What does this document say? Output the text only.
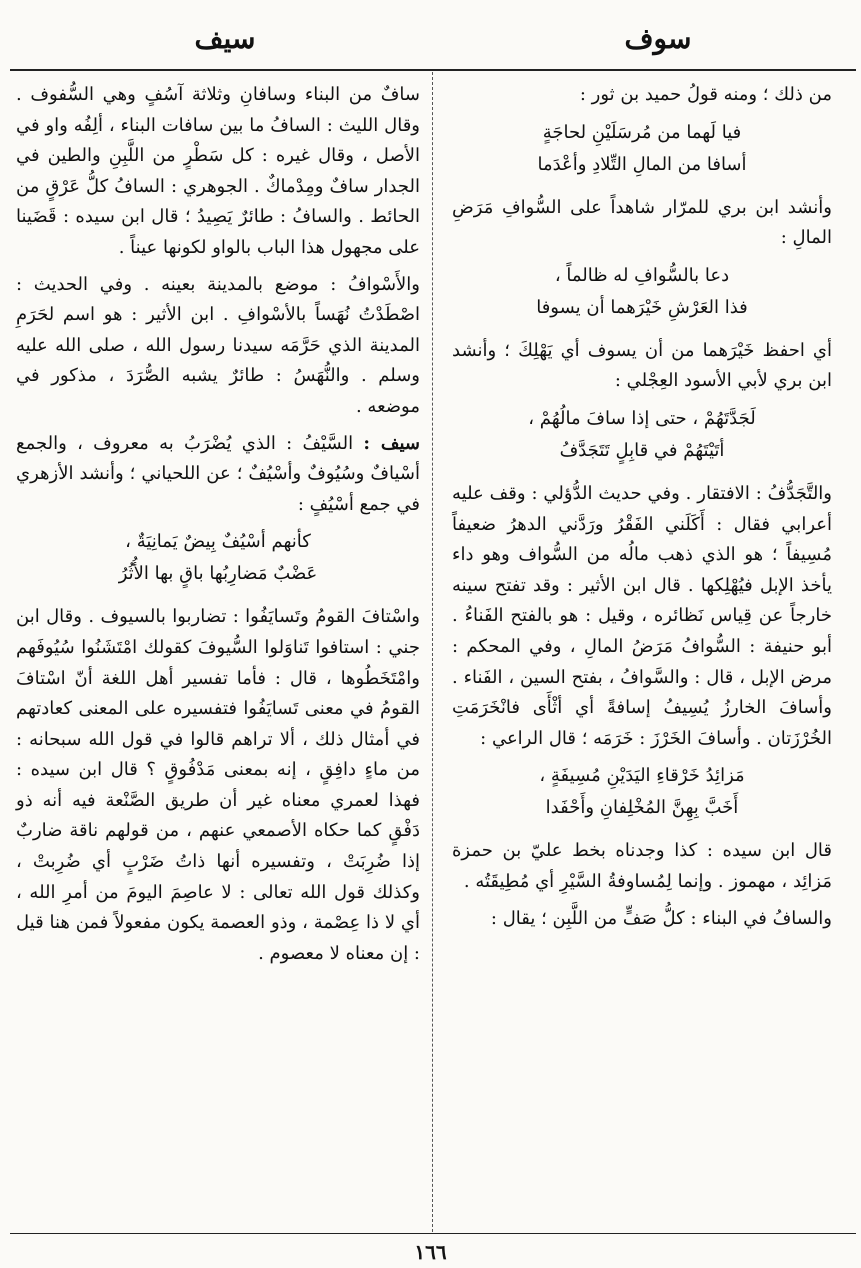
سوف
سيف

من ذلك ؛ ومنه قولُ حميد بن ثور :

فيا لَهما من مُرسَلَيْنِ لحاجَةٍ
أسافا من المالِ التِّلادِ وأعْدَما

وأنشد ابن بري للمرّار شاهداً على السُّوافِ مَرَضِ المالِ :

دعا بالسُّوافِ له ظالماً ،
فذا العَرْشِ خَيْرَهما أن يسوفا

أي احفظ خَيْرَهما من أن يسوف أي يَهْلِكَ ؛ وأنشد ابن بري لأبي الأسود العِجْلي :

لَجَدَّتَهُمْ ، حتى إذا سافَ مالُهُمْ ،
أتَيْتَهُمْ في قابِلٍ تَتَجَدَّفُ

والتَّجَدُّفُ : الافتقار . وفي حديث الدُّؤلي : وقف عليه أعرابي فقال : أَكَلَني الفَقْرُ ورَدَّني الدهرُ ضعيفاً مُسِيفاً ؛ هو الذي ذهب مالُه من السُّواف وهو داء يأخذ الإبل فيُهْلِكها . قال ابن الأثير : وقد تفتح سينه خارجاً عن قِياس نَظائره ، وقيل : هو بالفتح الفَناءُ . أبو حنيفة : السُّوافُ مَرَضُ المالِ ، وفي المحكم : مرض الإبل ، قال : والسَّوافُ ، بفتح السين ، الفَناء . وأسافَ الخارزُ يُسِيفُ إسافةً أي أثْأَى فانْخَرَمَتِ الخُرْزَتان . وأسافَ الخَرْزَ : خَرَمَه ؛ قال الراعي :

مَزائِدُ خَرْقاءِ اليَدَيْنِ مُسِيفَةٍ ،
أَخَبَّ بِهِنَّ المُخْلِفانِ وأَحْفَدا

قال ابن سيده : كذا وجدناه بخط عليّ بن حمزة مَزائِد ، مهموز . وإنما لِمُساوفةُ السَّيْرِ أي مُطِيقَتُه .

والسافُ في البناء : كلُّ صَفٍّ من اللَّبِن ؛ يقال :

سافٌ من البناء وسافانِ وثلاثة آسُفٍ وهي السُّفوف . وقال الليث : السافُ ما بين سافات البناء ، ألِفُه واو في الأصل ، وقال غيره : كل سَطْرٍ من اللَّبِنِ والطين في الجدار سافٌ ومِدْماكٌ . الجوهري : السافُ كلُّ عَرْقٍ من الحائط . والسافُ : طائرٌ يَصِيدُ ؛ قال ابن سيده : قَضَينا على مجهول هذا الباب بالواو لكونها عيناً .

والأَسْوافُ : موضع بالمدينة بعينه . وفي الحديث : اصْطَدْتُ نُهَساً بالأسْوافِ . ابن الأثير : هو اسم لحَرَمِ المدينة الذي حَرَّمَه سيدنا رسول الله ، صلى الله عليه وسلم . والنُّهَسُ : طائرٌ يشبه الصُّرَدَ ، مذكور في موضعه .

سيف : السَّيْفُ : الذي يُضْرَبُ به معروف ، والجمع أسْيافٌ وسُيُوفٌ وأسْيُفٌ ؛ عن اللحياني ؛ وأنشد الأزهري في جمع أسْيُفٍ :

كأنهم أسْيُفٌ بِيضٌ يَمانِيَةٌ ،
عَضْبٌ مَضارِبُها باقٍ بها الأُثُرُ

واسْتافَ القومُ وتَسايَفُوا : تضاربوا بالسيوف . وقال ابن جني : استافوا تَناوَلوا السُّيوفَ كقولك امْتَشَنُوا سُيُوفَهم وامْتَخَطُوها ، قال : فأما تفسير أهل اللغة أنّ اسْتافَ القومُ في معنى تَسايَفُوا فتفسيره على المعنى كعادتهم في أمثال ذلك ، ألا تراهم قالوا في قول الله سبحانه : من ماءٍ دافِقٍ ، إنه بمعنى مَدْفُوقٍ ؟ قال ابن سيده : فهذا لعمري معناه غير أن طريق الصَّنْعة فيه أنه ذو دَفْقٍ كما حكاه الأصمعي عنهم ، من قولهم ناقة ضاربٌ إذا ضُرِبَتْ ، وتفسيره أنها ذاتُ ضَرْبٍ أي ضُرِبتْ ، وكذلك قول الله تعالى : لا عاصِمَ اليومَ من أمرِ الله ، أي لا ذا عِصْمة ، وذو العصمة يكون مفعولاً فمن هنا قيل : إن معناه لا معصوم .

١٦٦
